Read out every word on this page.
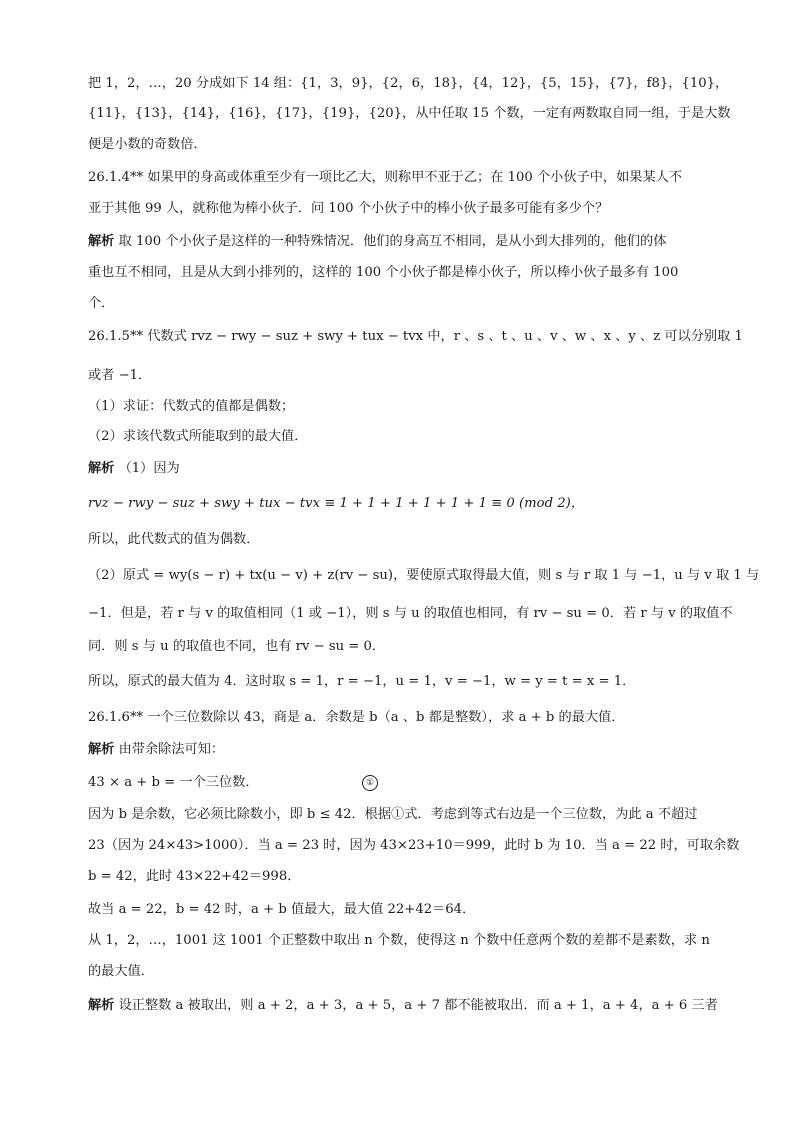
把 1，2，…，20 分成如下 14 组：{1，3，9}，{2，6，18}，{4，12}，{5，15}，{7}，f8}，{10}，
{11}，{13}，{14}，{16}，{17}，{19}，{20}，从中任取 15 个数，一定有两数取自同一组，于是大数
便是小数的奇数倍．
26.1.4** 如果甲的身高或体重至少有一项比乙大，则称甲不亚于乙；在 100 个小伙子中，如果某人不
亚于其他 99 人，就称他为棒小伙子．问 100 个小伙子中的棒小伙子最多可能有多少个？
解析 取 100 个小伙子是这样的一种特殊情况．他们的身高互不相同，是从小到大排列的，他们的体
重也互不相同，且是从大到小排列的，这样的 100 个小伙子都是棒小伙子，所以棒小伙子最多有 100
个．
26.1.5** 代数式 rvz − rwy − suz + swy + tux − tvx 中，r 、s 、t 、u 、v 、w 、x 、y 、z 可以分别取 1
或者 −1．
（1）求证：代数式的值都是偶数；
（2）求该代数式所能取到的最大值．
解析 （1）因为
rvz − rwy − suz + swy + tux − tvx ≡ 1 + 1 + 1 + 1 + 1 + 1 ≡ 0 (mod 2)，
所以，此代数式的值为偶数．
（2）原式 = wy(s − r) + tx(u − v) + z(rv − su)，要使原式取得最大值，则 s 与 r 取 1 与 −1，u 与 v 取 1 与
−1．但是，若 r 与 v 的取值相同（1 或 −1），则 s 与 u 的取值也相同，有 rv − su = 0．若 r 与 v 的取值不
同．则 s 与 u 的取值也不同，也有 rv − su = 0．
所以，原式的最大值为 4．这时取 s = 1，r = −1，u = 1，v = −1，w = y = t = x = 1．
26.1.6** 一个三位数除以 43，商是 a．余数是 b（a 、b 都是整数），求 a + b 的最大值．
解析 由带余除法可知：
43 × a + b = 一个三位数．	①
因为 b 是余数，它必须比除数小，即 b ≤ 42．根据①式．考虑到等式右边是一个三位数，为此 a 不超过
23（因为 24×43>1000）．当 a = 23 时，因为 43×23+10＝999，此时 b 为 10．当 a = 22 时，可取余数
b = 42，此时 43×22+42＝998．
故当 a = 22，b = 42 时，a + b 值最大，最大值 22+42＝64．
从 1，2，…，1001 这 1001 个正整数中取出 n 个数，使得这 n 个数中任意两个数的差都不是素数，求 n
的最大值．
解析 设正整数 a 被取出，则 a + 2，a + 3，a + 5，a + 7 都不能被取出．而 a + 1，a + 4，a + 6 三者
